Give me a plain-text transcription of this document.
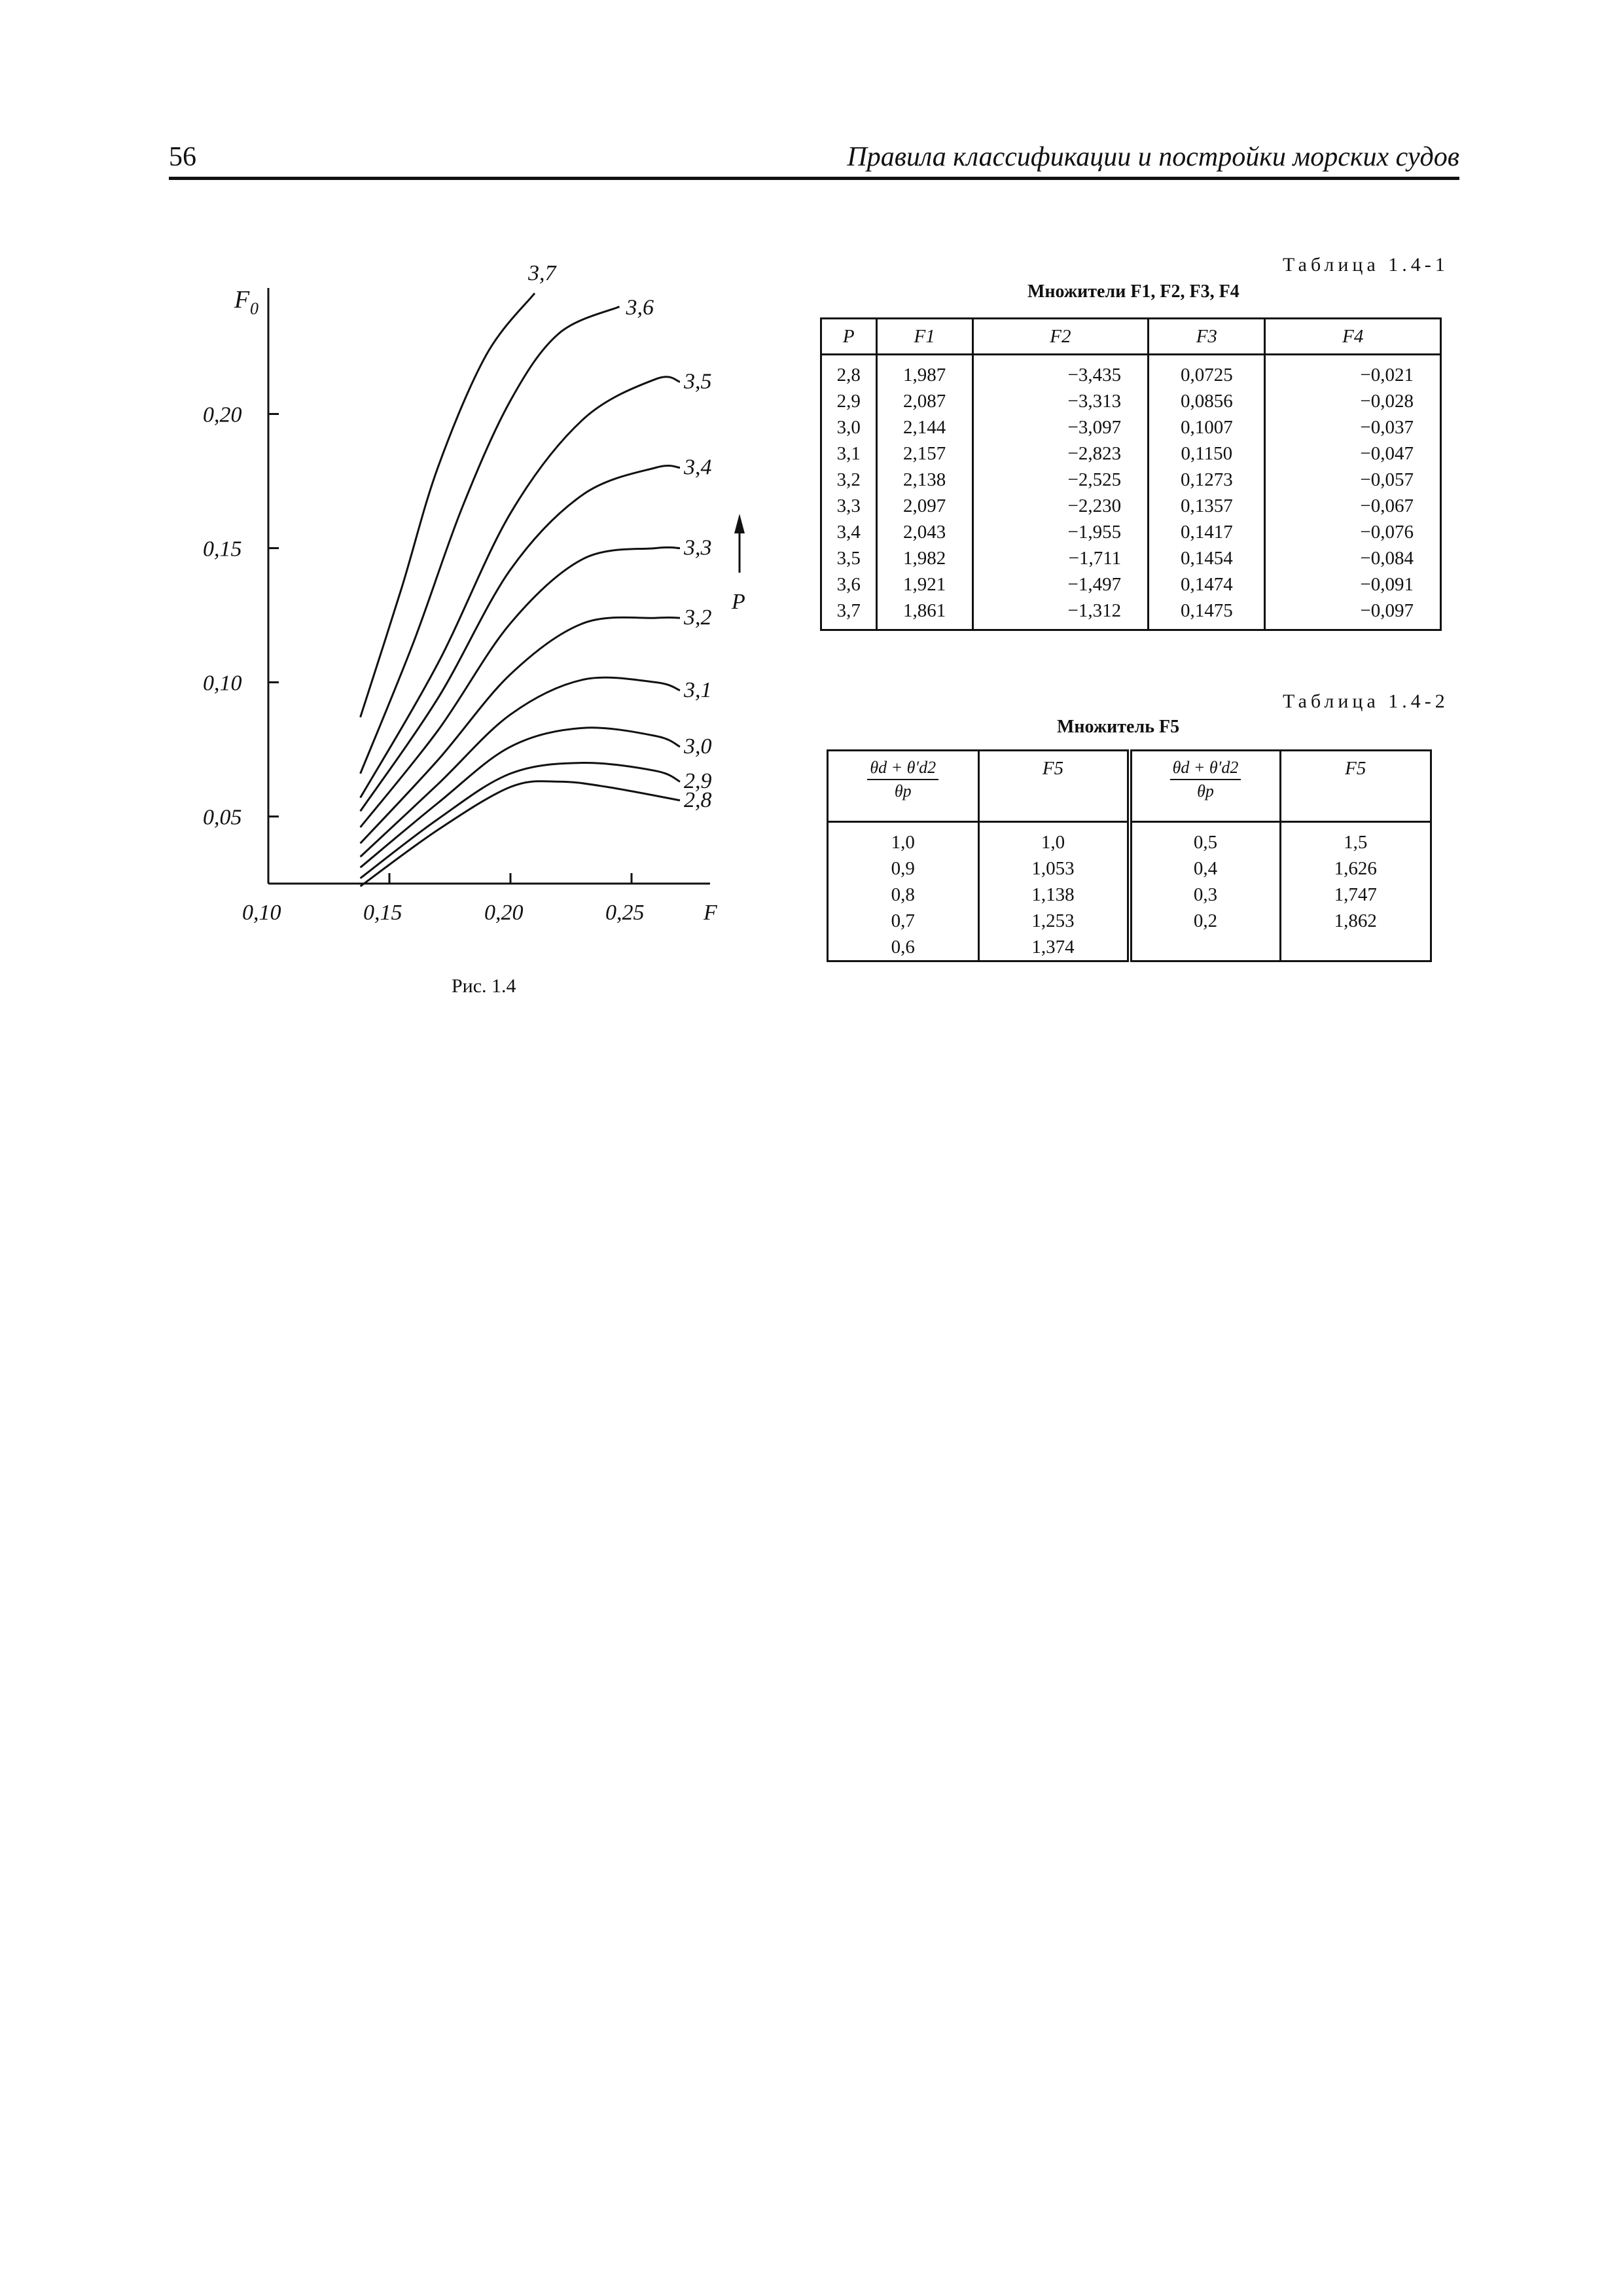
56	Правила классификации и постройки морских судов
0,20
0,15
0,10
0,05
0,10	0,15	0,20	0,25	F
F 0
2,8
2,9
3,0
3,1
3,2
3,3
3,4
3,5
3,6
3,7
P
Рис. 1.4
Таблица 1.4-1
Множители F1, F2, F3, F4
P	F1	F2	F3	F4
2,8	1,987	−3,435	0,0725	−0,021
2,9	2,087	−3,313	0,0856	−0,028
3,0	2,144	−3,097	0,1007	−0,037
3,1	2,157	−2,823	0,1150	−0,047
3,2	2,138	−2,525	0,1273	−0,057
3,3	2,097	−2,230	0,1357	−0,067
3,4	2,043	−1,955	0,1417	−0,076
3,5	1,982	−1,711	0,1454	−0,084
3,6	1,921	−1,497	0,1474	−0,091
3,7	1,861	−1,312	0,1475	−0,097
Таблица 1.4-2
Множитель F5
$\frac{\theta d + \theta'd2}{\theta p}$	F5	$\frac{\theta d + \theta'd2}{\theta p}$	F5
1,0	1,0	0,5	1,5
0,9	1,053	0,4	1,626
0,8	1,138	0,3	1,747
0,7	1,253	0,2	1,862
0,6	1,374		
